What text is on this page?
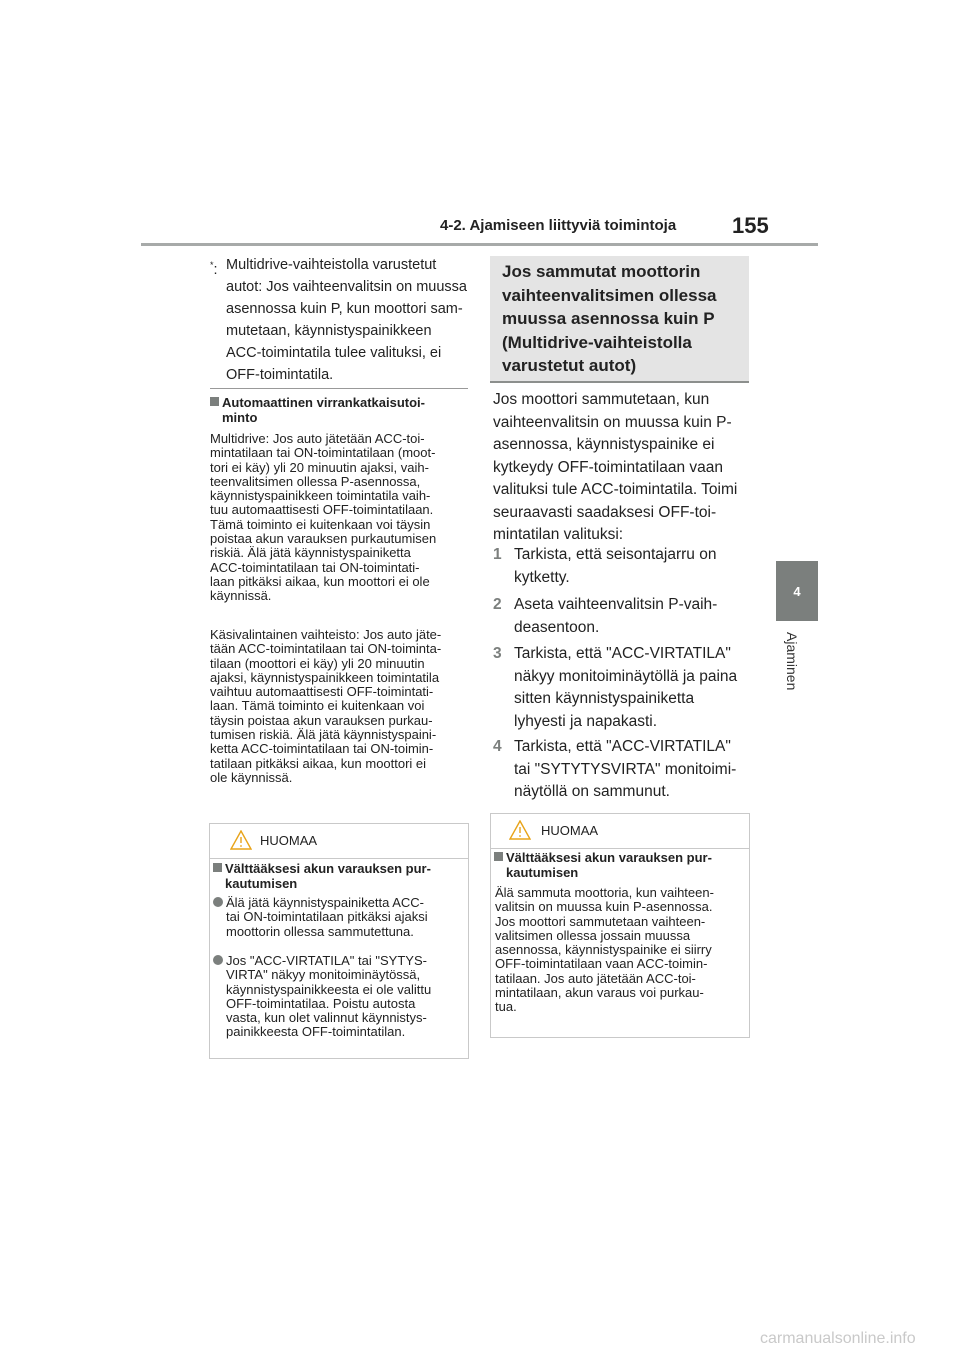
4-2. Ajamiseen liittyviä toimintoja	155
4
Ajaminen
*: Multidrive-vaihteistolla varustetut
autot: Jos vaihteenvalitsin on muussa
asennossa kuin P, kun moottori sam-
mutetaan, käynnistyspainikkeen
ACC-toimintatila tulee valituksi, ei
OFF-toimintatila.
Automaattinen virrankatkaisutoi-
minto
Multidrive: Jos auto jätetään ACC-toi-
mintatilaan tai ON-toimintatilaan (moot-
tori ei käy) yli 20 minuutin ajaksi, vaih-
teenvalitsimen ollessa P-asennossa,
käynnistyspainikkeen toimintatila vaih-
tuu automaattisesti OFF-toimintatilaan.
Tämä toiminto ei kuitenkaan voi täysin
poistaa akun varauksen purkautumisen
riskiä. Älä jätä käynnistyspainiketta
ACC-toimintatilaan tai ON-toimintati-
laan pitkäksi aikaa, kun moottori ei ole
käynnissä.
Käsivalintainen vaihteisto: Jos auto jäte-
tään ACC-toimintatilaan tai ON-toiminta-
tilaan (moottori ei käy) yli 20 minuutin
ajaksi, käynnistyspainikkeen toimintatila
vaihtuu automaattisesti OFF-toimintati-
laan. Tämä toiminto ei kuitenkaan voi
täysin poistaa akun varauksen purkau-
tumisen riskiä. Älä jätä käynnistyspaini-
ketta ACC-toimintatilaan tai ON-toimin-
tatilaan pitkäksi aikaa, kun moottori ei
ole käynnissä.
HUOMAA
Välttääksesi akun varauksen pur-
kautumisen
Älä jätä käynnistyspainiketta ACC-
tai ON-toimintatilaan pitkäksi ajaksi
moottorin ollessa sammutettuna.
Jos "ACC-VIRTATILA" tai "SYTYS-
VIRTA" näkyy monitoiminäytössä,
käynnistyspainikkeesta ei ole valittu
OFF-toimintatilaa. Poistu autosta
vasta, kun olet valinnut käynnistys-
painikkeesta OFF-toimintatilan.
Jos sammutat moottorin
vaihteenvalitsimen ollessa
muussa asennossa kuin P
(Multidrive-vaihteistolla
varustetut autot)
Jos moottori sammutetaan, kun
vaihteenvalitsin on muussa kuin P-
asennossa, käynnistyspainike ei
kytkeydy OFF-toimintatilaan vaan
valituksi tule ACC-toimintatila. Toimi
seuraavasti saadaksesi OFF-toi-
mintatilan valituksi:
1 Tarkista, että seisontajarru on
kytketty.
2 Aseta vaihteenvalitsin P-vaih-
deasentoon.
3 Tarkista, että "ACC-VIRTATILA"
näkyy monitoiminäytöllä ja paina
sitten käynnistyspainiketta
lyhyesti ja napakasti.
4 Tarkista, että "ACC-VIRTATILA"
tai "SYTYTYSVIRTA" monitoimi-
näytöllä on sammunut.
HUOMAA
Välttääksesi akun varauksen pur-
kautumisen
Älä sammuta moottoria, kun vaihteen-
valitsin on muussa kuin P-asennossa.
Jos moottori sammutetaan vaihteen-
valitsimen ollessa jossain muussa
asennossa, käynnistyspainike ei siirry
OFF-toimintatilaan vaan ACC-toimin-
tatilaan. Jos auto jätetään ACC-toi-
mintatilaan, akun varaus voi purkau-
tua.
carmanualsonline.info
